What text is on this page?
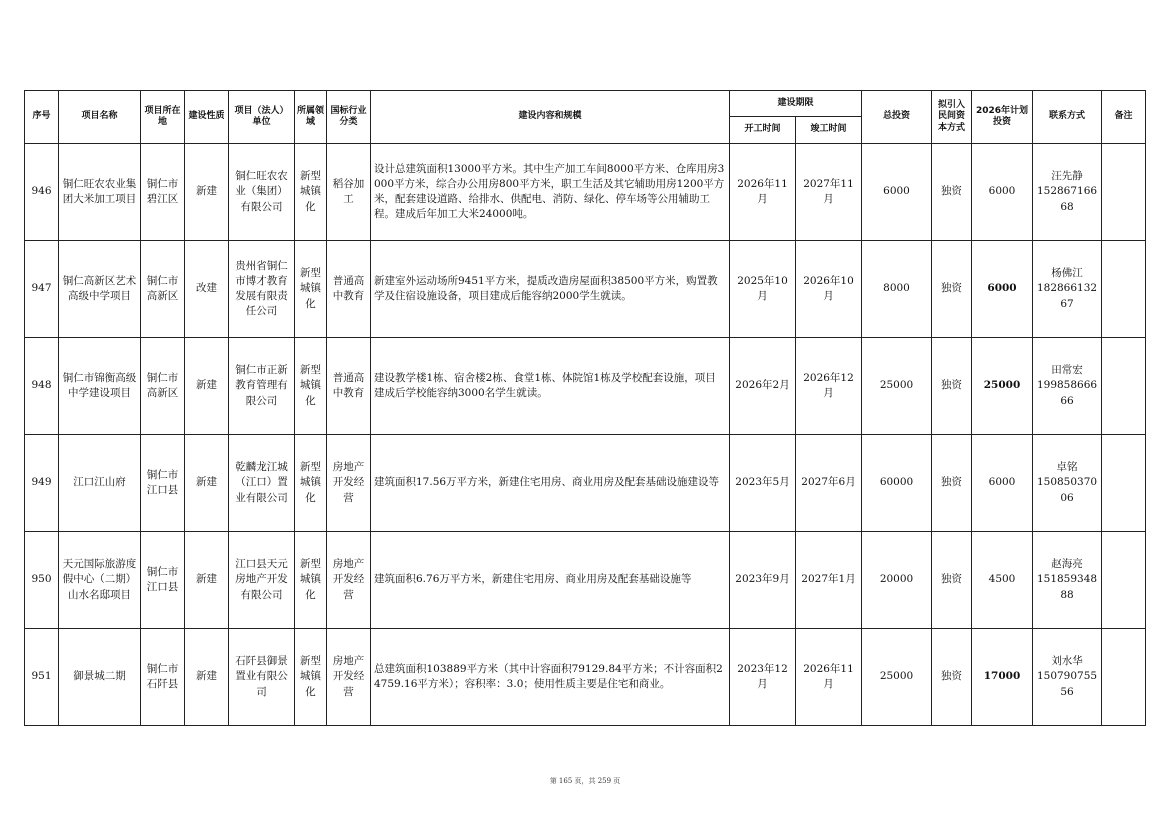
序号	项目名称	项目所在地	建设性质	项目（法人）单位	所属领域	国标行业分类	建设内容和规模	建设期限		总投资	拟引入民间资本方式	2026年计划投资	联系方式	备注
								开工时间	竣工时间					
946	铜仁旺农农业集团大米加工项目	铜仁市碧江区	新建	铜仁旺农农业（集团）有限公司	新型城镇化	稻谷加工	设计总建筑面积13000平方米。其中生产加工车间8000平方米、仓库用房3000平方米，综合办公用房800平方米，职工生活及其它辅助用房1200平方米，配套建设道路、给排水、供配电、消防、绿化、停车场等公用辅助工程。建成后年加工大米24000吨。	2026年11月	2027年11月	6000	独资	6000	汪先静
15286716668	
947	铜仁高新区艺术高级中学项目	铜仁市高新区	改建	贵州省铜仁市博才教育发展有限责任公司	新型城镇化	普通高中教育	新建室外运动场所9451平方米，提质改造房屋面积38500平方米，购置教学及住宿设施设备，项目建成后能容纳2000学生就读。	2025年10月	2026年10月	8000	独资	6000	杨佛江
18286613267	
948	铜仁市锦衡高级中学建设项目	铜仁市高新区	新建	铜仁市正新教育管理有限公司	新型城镇化	普通高中教育	建设教学楼1栋、宿舍楼2栋、食堂1栋、体院馆1栋及学校配套设施，项目建成后学校能容纳3000名学生就读。	2026年2月	2026年12月	25000	独资	25000	田常宏
19985866666	
949	江口江山府	铜仁市江口县	新建	乾麟龙江城（江口）置业有限公司	新型城镇化	房地产开发经营	建筑面积17.56万平方米，新建住宅用房、商业用房及配套基础设施建设等	2023年5月	2027年6月	60000	独资	6000	卓铭
15085037006	
950	天元国际旅游度假中心（二期）山水名邸项目	铜仁市江口县	新建	江口县天元房地产开发有限公司	新型城镇化	房地产开发经营	建筑面积6.76万平方米，新建住宅用房、商业用房及配套基础设施等	2023年9月	2027年1月	20000	独资	4500	赵海亮
15185934888	
951	御景城二期	铜仁市石阡县	新建	石阡县御景置业有限公司	新型城镇化	房地产开发经营	总建筑面积103889平方米（其中计容面积79129.84平方米；不计容面积24759.16平方米）；容积率：3.0；使用性质主要是住宅和商业。	2023年12月	2026年11月	25000	独资	17000	刘水华
15079075556	
第 165 页，共 259 页
